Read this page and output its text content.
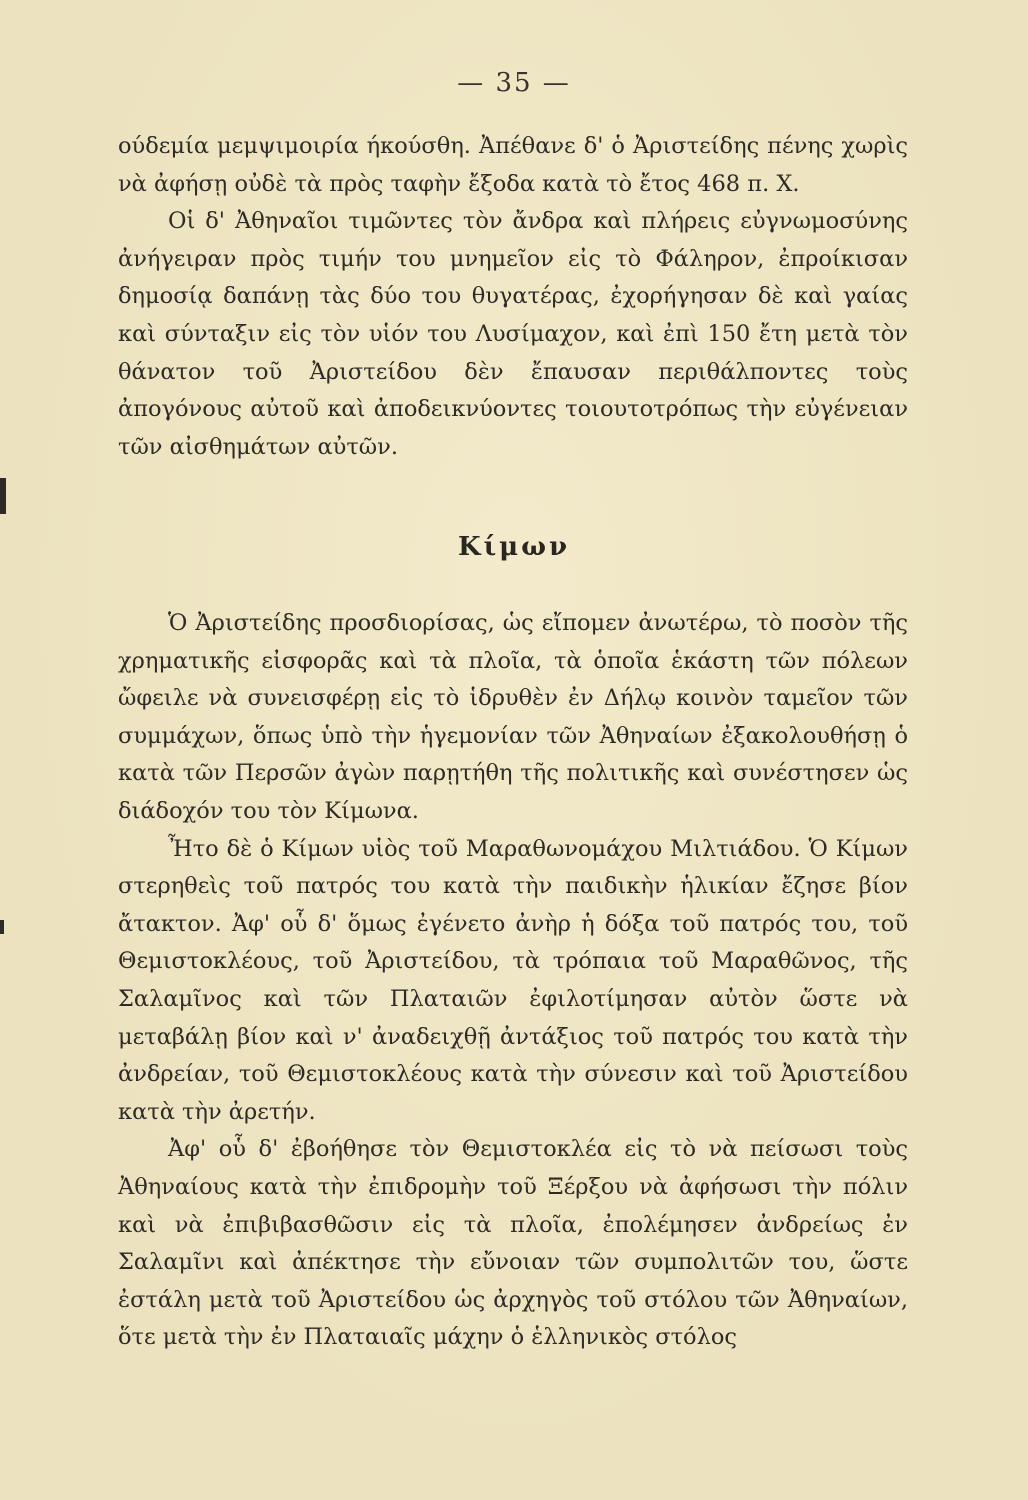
— 35 —

ούδεμία μεμψιμοιρία ήκούσθη. Ἀπέθανε δ' ὁ Ἀριστείδης πένης χωρὶς νὰ ἀφήσῃ οὐδὲ τὰ πρὸς ταφὴν ἔξοδα κατὰ τὸ ἔτος 468 π. Χ.

Οἱ δ' Ἀθηναῖοι τιμῶντες τὸν ἄνδρα καὶ πλήρεις εὐγνωμοσύνης ἀνήγειραν πρὸς τιμήν του μνημεῖον εἰς τὸ Φάληρον, ἐπροίκισαν δημοσίᾳ δαπάνῃ τὰς δύο του θυγατέρας, ἐχορήγησαν δὲ καὶ γαίας καὶ σύνταξιν εἰς τὸν υἱόν του Λυσίμαχον, καὶ ἐπὶ 150 ἔτη μετὰ τὸν θάνατον τοῦ Ἀριστείδου δὲν ἔπαυσαν περιθάλποντες τοὺς ἀπογόνους αὐτοῦ καὶ ἀποδεικνύοντες τοιουτοτρόπως τὴν εὐγένειαν τῶν αἰσθημάτων αὐτῶν.

Κίμων

Ὁ Ἀριστείδης προσδιορίσας, ὡς εἴπομεν ἀνωτέρω, τὸ ποσὸν τῆς χρηματικῆς εἰσφορᾶς καὶ τὰ πλοῖα, τὰ ὁποῖα ἑκάστη τῶν πόλεων ὤφειλε νὰ συνεισφέρῃ εἰς τὸ ἱδρυθὲν ἐν Δήλῳ κοινὸν ταμεῖον τῶν συμμάχων, ὅπως ὑπὸ τὴν ἡγεμονίαν τῶν Ἀθηναίων ἐξακολουθήσῃ ὁ κατὰ τῶν Περσῶν ἀγὼν παρῃτήθη τῆς πολιτικῆς καὶ συνέστησεν ὡς διάδοχόν του τὸν Κίμωνα.

Ἦτο δὲ ὁ Κίμων υἱὸς τοῦ Μαραθωνομάχου Μιλτιάδου. Ὁ Κίμων στερηθεὶς τοῦ πατρός του κατὰ τὴν παιδικὴν ἡλικίαν ἔζησε βίον ἄτακτον. Ἀφ' οὗ δ' ὅμως ἐγένετο ἀνὴρ ἡ δόξα τοῦ πατρός του, τοῦ Θεμιστοκλέους, τοῦ Ἀριστείδου, τὰ τρόπαια τοῦ Μαραθῶνος, τῆς Σαλαμῖνος καὶ τῶν Πλαταιῶν ἐφιλοτίμησαν αὐτὸν ὥστε νὰ μεταβάλῃ βίον καὶ ν' ἀναδειχθῇ ἀντάξιος τοῦ πατρός του κατὰ τὴν ἀνδρείαν, τοῦ Θεμιστοκλέους κατὰ τὴν σύνεσιν καὶ τοῦ Ἀριστείδου κατὰ τὴν ἀρετήν.

Ἀφ' οὗ δ' ἐβοήθησε τὸν Θεμιστοκλέα εἰς τὸ νὰ πείσωσι τοὺς Ἀθηναίους κατὰ τὴν ἐπιδρομὴν τοῦ Ξέρξου νὰ ἀφήσωσι τὴν πόλιν καὶ νὰ ἐπιβιβασθῶσιν εἰς τὰ πλοῖα, ἐπολέμησεν ἀνδρείως ἐν Σαλαμῖνι καὶ ἀπέκτησε τὴν εὔνοιαν τῶν συμπολιτῶν του, ὥστε ἐστάλη μετὰ τοῦ Ἀριστείδου ὡς ἀρχηγὸς τοῦ στόλου τῶν Ἀθηναίων, ὅτε μετὰ τὴν ἐν Πλαταιαῖς μάχην ὁ ἑλληνικὸς στόλος
